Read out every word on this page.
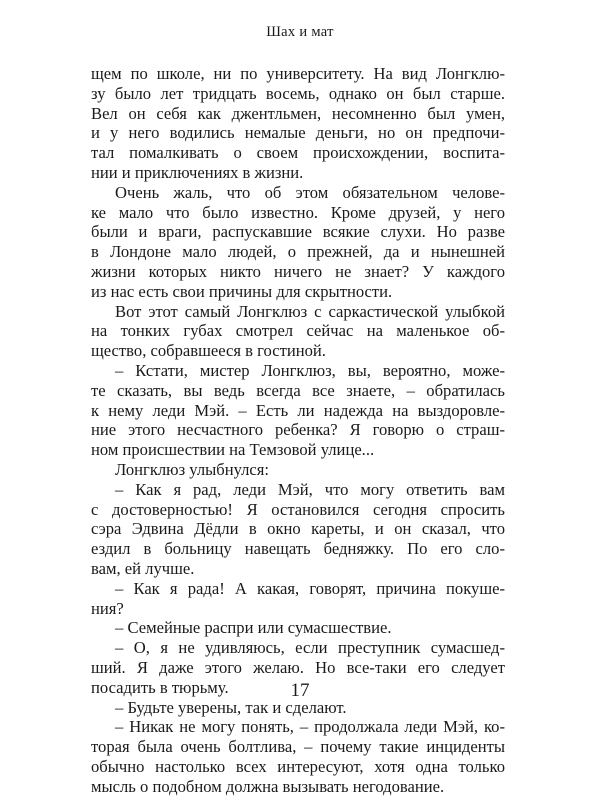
Шах и мат
щем по школе, ни по университету. На вид Лонгклю-
зу было лет тридцать восемь, однако он был старше.
Вел он себя как джентльмен, несомненно был умен,
и у него водились немалые деньги, но он предпочи-
тал помалкивать о своем происхождении, воспита-
нии и приключениях в жизни.
Очень жаль, что об этом обязательном челове-
ке мало что было известно. Кроме друзей, у него
были и враги, распускавшие всякие слухи. Но разве
в Лондоне мало людей, о прежней, да и нынешней
жизни которых никто ничего не знает? У каждого
из нас есть свои причины для скрытности.
Вот этот самый Лонгклюз с саркастической улыбкой
на тонких губах смотрел сейчас на маленькое об-
щество, собравшееся в гостиной.
– Кстати, мистер Лонгклюз, вы, вероятно, може-
те сказать, вы ведь всегда все знаете, – обратилась
к нему леди Мэй. – Есть ли надежда на выздоровле-
ние этого несчастного ребенка? Я говорю о страш-
ном происшествии на Темзовой улице...
Лонгклюз улыбнулся:
– Как я рад, леди Мэй, что могу ответить вам
с достоверностью! Я остановился сегодня спросить
сэра Эдвина Дёдли в окно кареты, и он сказал, что
ездил в больницу навещать бедняжку. По его сло-
вам, ей лучше.
– Как я рада! А какая, говорят, причина покуше-
ния?
– Семейные распри или сумасшествие.
– О, я не удивляюсь, если преступник сумасшед-
ший. Я даже этого желаю. Но все-таки его следует
посадить в тюрьму.
– Будьте уверены, так и сделают.
– Никак не могу понять, – продолжала леди Мэй, ко-
торая была очень болтлива, – почему такие инциденты
обычно настолько всех интересуют, хотя одна только
мысль о подобном должна вызывать негодование.
17
